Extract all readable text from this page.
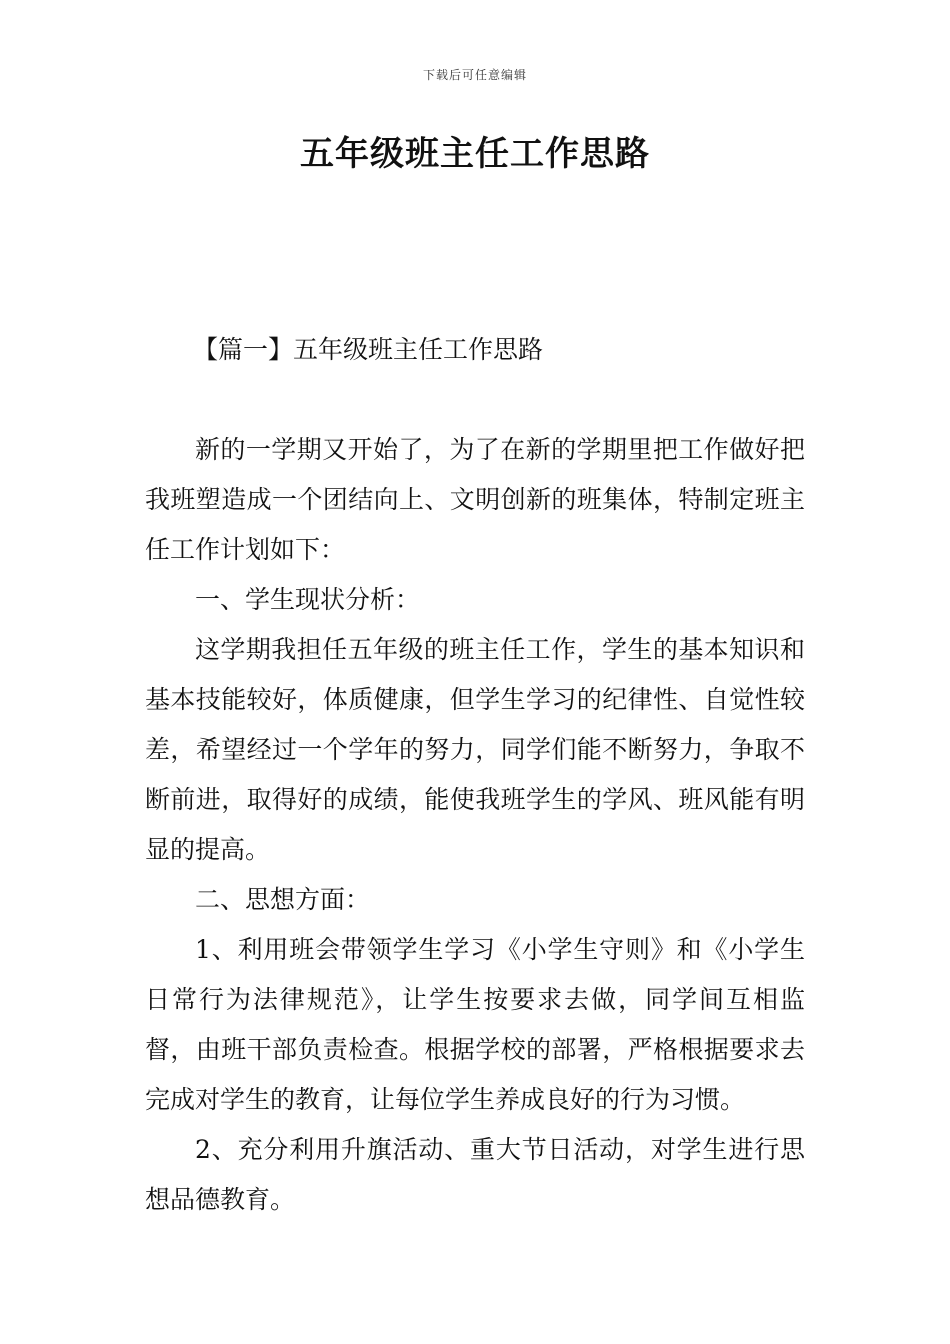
下载后可任意编辑
五年级班主任工作思路
【篇一】五年级班主任工作思路

新的一学期又开始了，为了在新的学期里把工作做好把我班塑造成一个团结向上、文明创新的班集体，特制定班主任工作计划如下：

一、学生现状分析：

这学期我担任五年级的班主任工作，学生的基本知识和基本技能较好，体质健康，但学生学习的纪律性、自觉性较差，希望经过一个学年的努力，同学们能不断努力，争取不断前进，取得好的成绩，能使我班学生的学风、班风能有明显的提高。

二、思想方面：

1、利用班会带领学生学习《小学生守则》和《小学生日常行为法律规范》，让学生按要求去做，同学间互相监督，由班干部负责检查。根据学校的部署，严格根据要求去完成对学生的教育，让每位学生养成良好的行为习惯。

2、充分利用升旗活动、重大节日活动，对学生进行思想品德教育。
